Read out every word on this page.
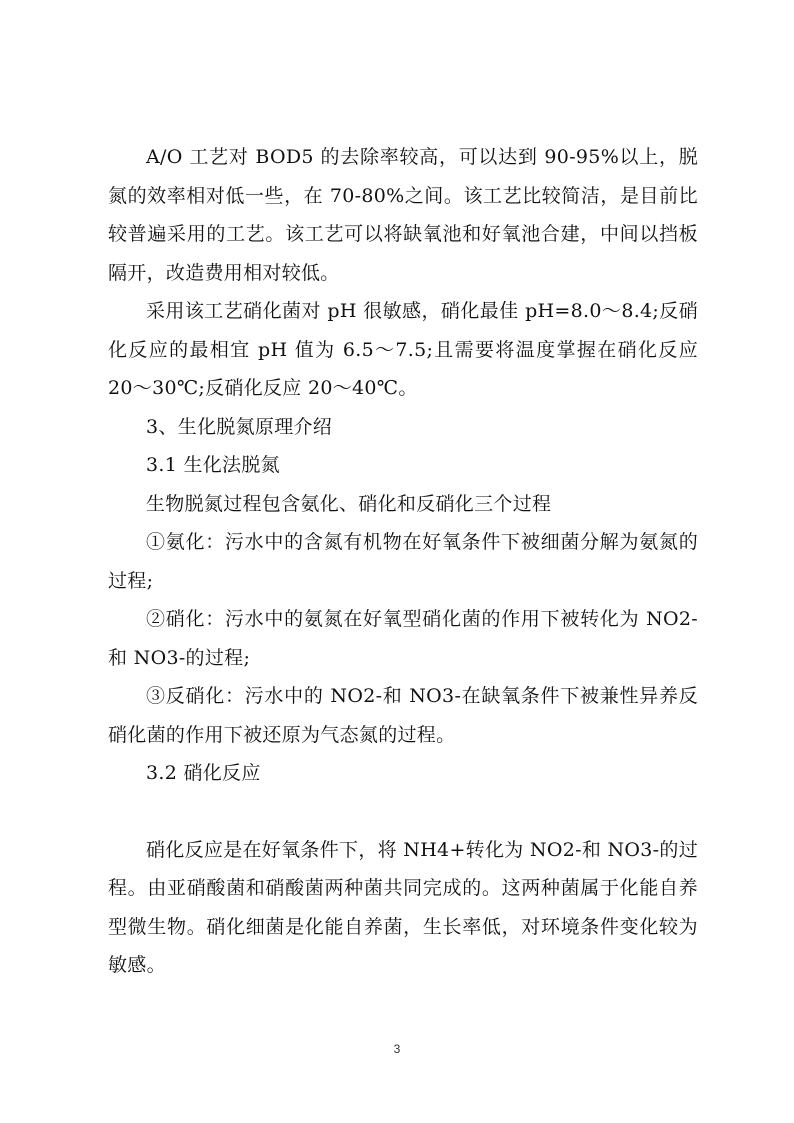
A/O 工艺对 BOD5 的去除率较高，可以达到 90-95%以上，脱氮的效率相对低一些，在 70-80%之间。该工艺比较简洁，是目前比较普遍采用的工艺。该工艺可以将缺氧池和好氧池合建，中间以挡板隔开，改造费用相对较低。

采用该工艺硝化菌对 pH 很敏感，硝化最佳 pH=8.0～8.4;反硝化反应的最相宜 pH 值为 6.5～7.5;且需要将温度掌握在硝化反应 20～30℃;反硝化反应 20～40℃。

3、生化脱氮原理介绍

3.1 生化法脱氮

生物脱氮过程包含氨化、硝化和反硝化三个过程

①氨化：污水中的含氮有机物在好氧条件下被细菌分解为氨氮的过程;

②硝化：污水中的氨氮在好氧型硝化菌的作用下被转化为 NO2-和 NO3-的过程;

③反硝化：污水中的 NO2-和 NO3-在缺氧条件下被兼性异养反硝化菌的作用下被还原为气态氮的过程。

3.2 硝化反应

硝化反应是在好氧条件下，将 NH4+转化为 NO2-和 NO3-的过程。由亚硝酸菌和硝酸菌两种菌共同完成的。这两种菌属于化能自养型微生物。硝化细菌是化能自养菌，生长率低，对环境条件变化较为敏感。

3
